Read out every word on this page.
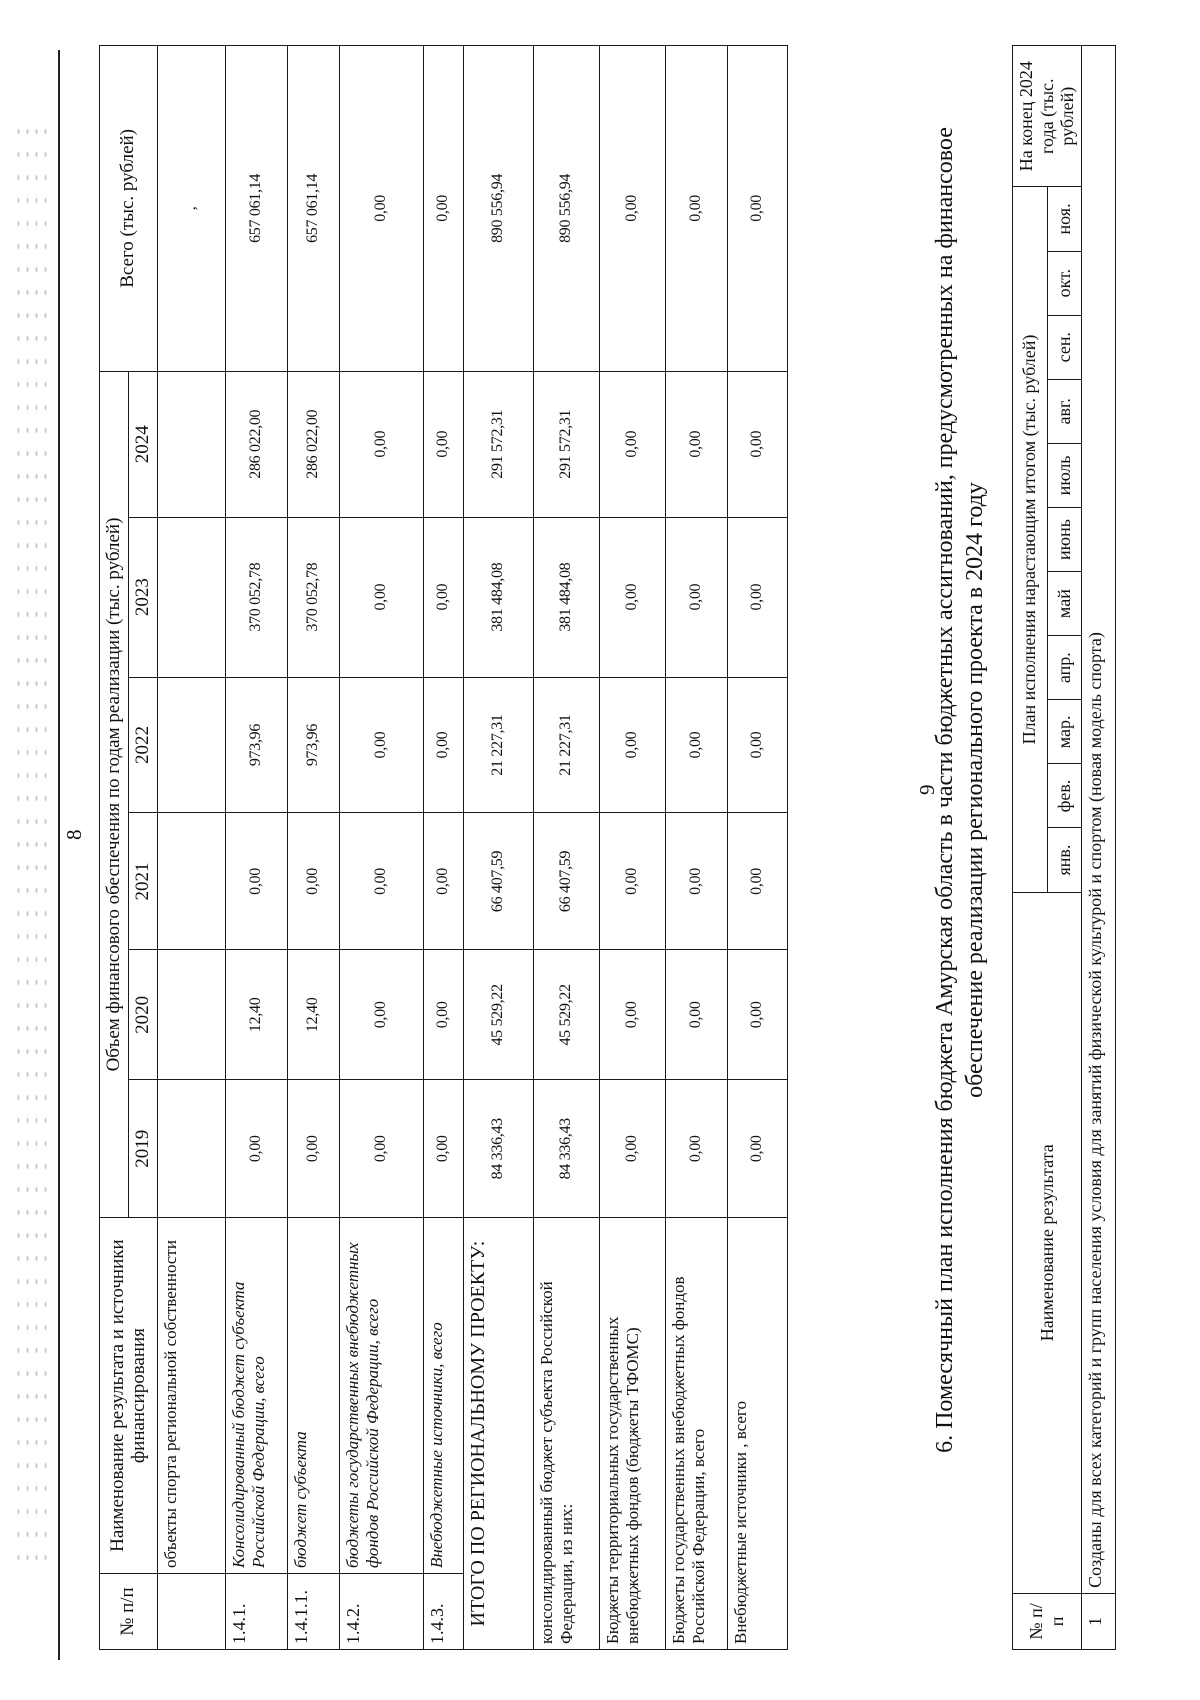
8
№ п/п	Наименование результата и источники финансирования	Объем финансового обеспечения по годам реализации (тыс. рублей)						Всего (тыс. рублей)
		2019	2020	2021	2022	2023	2024	
	объекты спорта региональной собственности							,
1.4.1.	Консолидированный бюджет субъекта Российской Федерации, всего	0,00	12,40	0,00	973,96	370 052,78	286 022,00	657 061,14
1.4.1.1.	бюджет субъекта	0,00	12,40	0,00	973,96	370 052,78	286 022,00	657 061,14
1.4.2.	бюджеты государственных внебюджетных фондов Российской Федерации, всего	0,00	0,00	0,00	0,00	0,00	0,00	0,00
1.4.3.	Внебюджетные источники, всего	0,00	0,00	0,00	0,00	0,00	0,00	0,00
ИТОГО ПО РЕГИОНАЛЬНОМУ ПРОЕКТУ:		84 336,43	45 529,22	66 407,59	21 227,31	381 484,08	291 572,31	890 556,94
консолидированный бюджет субъекта Российской Федерации, из них:		84 336,43	45 529,22	66 407,59	21 227,31	381 484,08	291 572,31	890 556,94
Бюджеты территориальных государственных внебюджетных фондов (бюджеты ТФОМС)		0,00	0,00	0,00	0,00	0,00	0,00	0,00
Бюджеты государственных внебюджетных фондов Российской Федерации, всего		0,00	0,00	0,00	0,00	0,00	0,00	0,00
Внебюджетные источники , всего		0,00	0,00	0,00	0,00	0,00	0,00	0,00
9
6. Помесячный план исполнения бюджета Амурская область в части бюджетных ассигнований, предусмотренных на финансовое обеспечение реализации регионального проекта в 2024 году
№ п/п	Наименование результата	План исполнения нарастающим итогом (тыс. рублей)											На конец 2024 года (тыс. рублей)
		янв.	фев.	мар.	апр.	май	июнь	июль	авг.	сен.	окт.	ноя.	
1	Созданы для всех категорий и групп населения условия для занятий физической культурой и спортом (новая модель спорта)												
